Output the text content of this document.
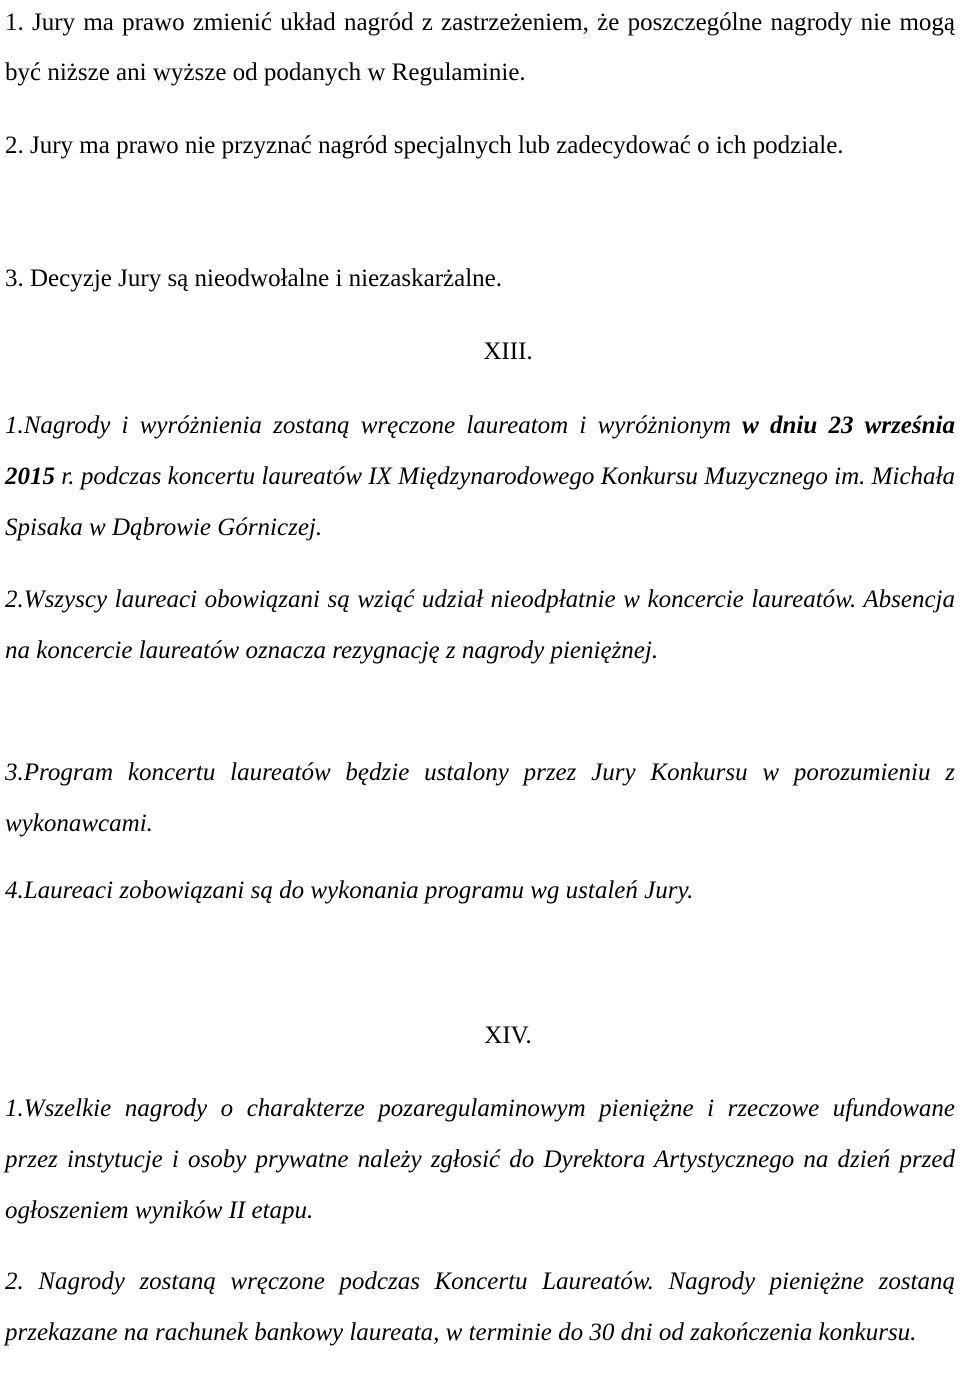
1. Jury ma prawo zmienić układ nagród z zastrzeżeniem, że poszczególne nagrody nie mogą być niższe ani wyższe od podanych w Regulaminie.

2. Jury ma prawo nie przyznać nagród specjalnych lub zadecydować o ich podziale.

3. Decyzje Jury są nieodwołalne i niezaskarżalne.

XIII.

1.Nagrody i wyróżnienia zostaną wręczone laureatom i wyróżnionym w dniu 23 września 2015 r. podczas koncertu laureatów IX Międzynarodowego Konkursu Muzycznego im. Michała Spisaka w Dąbrowie Górniczej.

2.Wszyscy laureaci obowiązani są wziąć udział nieodpłatnie w koncercie laureatów. Absencja na koncercie laureatów oznacza rezygnację z nagrody pieniężnej.

3.Program koncertu laureatów będzie ustalony przez Jury Konkursu w porozumieniu z wykonawcami.

4.Laureaci zobowiązani są do wykonania programu wg ustaleń Jury.

XIV.

1.Wszelkie nagrody o charakterze pozaregulaminowym pieniężne i rzeczowe ufundowane przez instytucje i osoby prywatne należy zgłosić do Dyrektora Artystycznego na dzień przed ogłoszeniem wyników II etapu.

2. Nagrody zostaną wręczone podczas Koncertu Laureatów. Nagrody pieniężne zostaną przekazane na rachunek bankowy laureata, w terminie do 30 dni od zakończenia konkursu.
